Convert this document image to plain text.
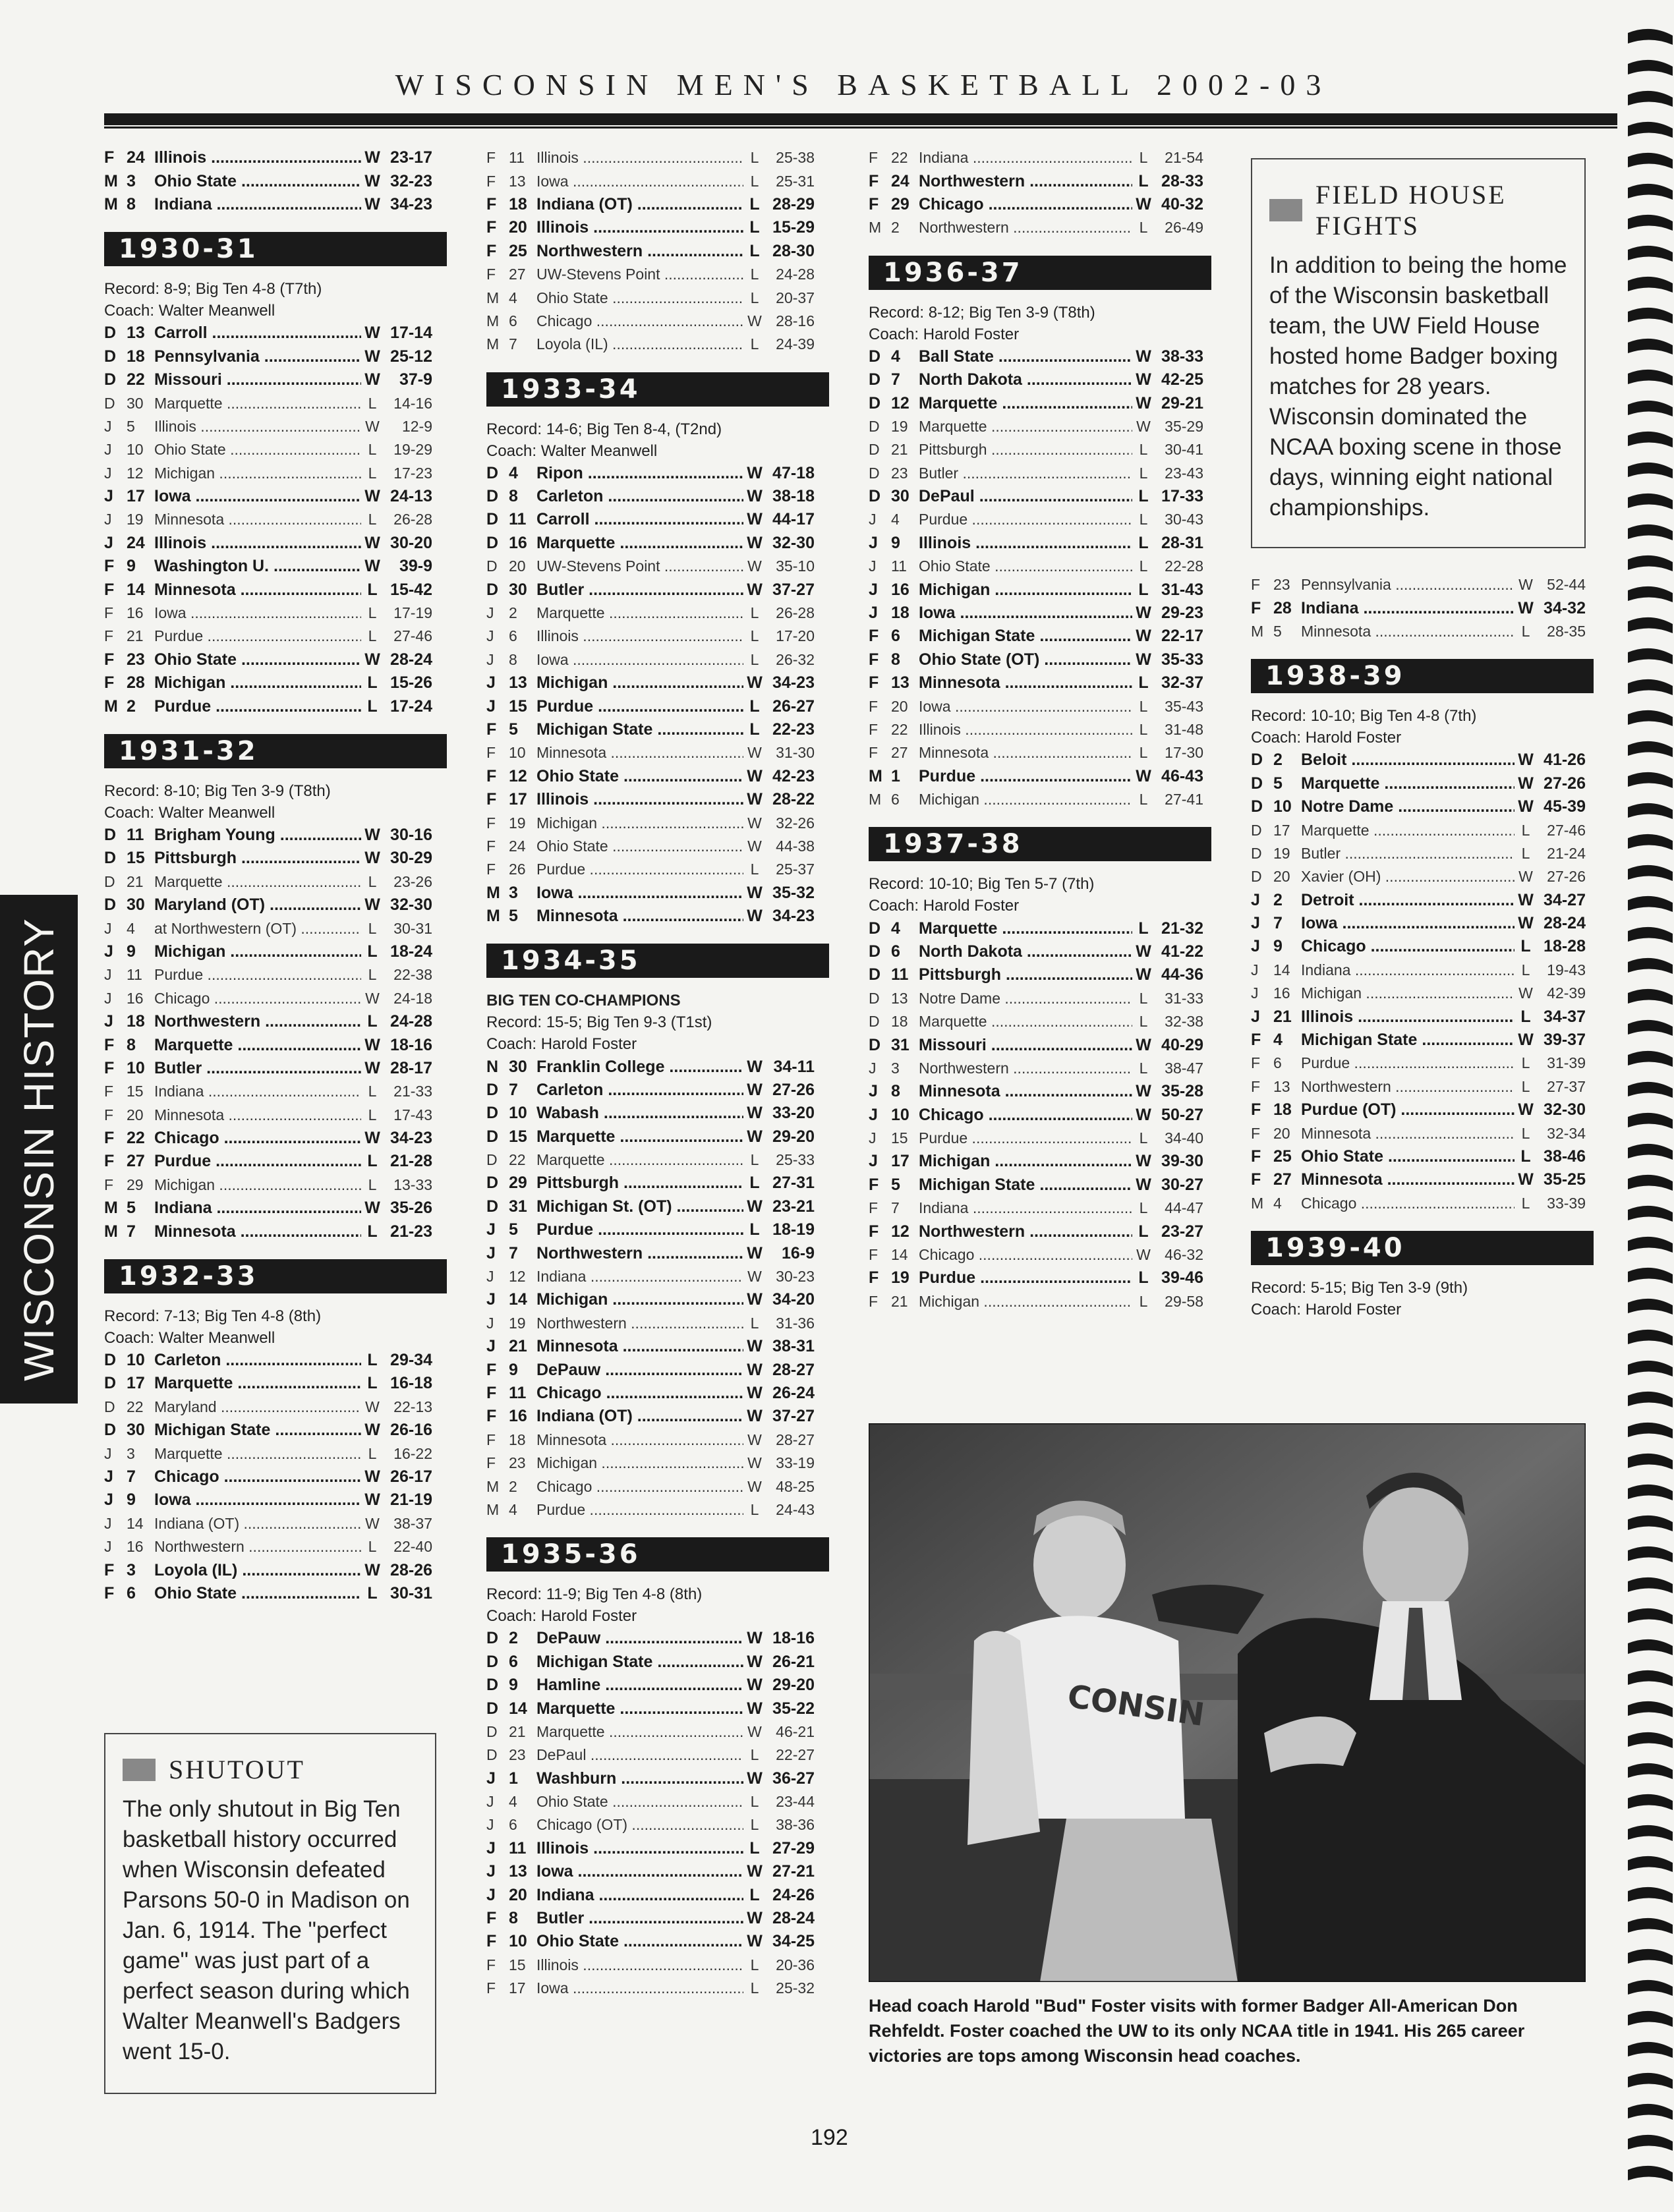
WISCONSIN MEN'S BASKETBALL 2002-03
WISCONSIN HISTORY
F 24 Illinois .....	W 23-17
M 3	Ohio State .....	W 32-23
M 8	Indiana .....	W 34-23
1930-31
Record: 8-9; Big Ten 4-8 (T7th)
Coach: Walter Meanwell
D 13 Carroll .....	W 17-14
D 18 Pennsylvania .....	W 25-12
D 22 Missouri .....	W	37-9
D 30 Marquette .....	L	14-16
J 5	Illinois .....	W	12-9
J 10 Ohio State .....	L	19-29
J 12 Michigan .....	L	17-23
J 17 Iowa .....	W 24-13
J 19 Minnesota .....	L	26-28
J 24 Illinois .....	W 30-20
F 9	Washington U. .....	W	39-9
F 14 Minnesota .....	L 15-42
F 16 Iowa .....	L	17-19
F 21 Purdue .....	L	27-46
F 23 Ohio State .....	W 28-24
F 28 Michigan .....	L 15-26
M 2	Purdue .....	L 17-24
1931-32
Record: 8-10; Big Ten 3-9 (T8th)
Coach: Walter Meanwell
D 11 Brigham Young .....	W 30-16
D 15 Pittsburgh .....	W 30-29
D 21 Marquette .....	L	23-26
D 30 Maryland (OT) .....	W 32-30
J 4	at Northwestern (OT) .....	L	30-31
J 9	Michigan .....	L 18-24
J 11 Purdue .....	L	22-38
J 16 Chicago .....	W 24-18
J 18 Northwestern .....	L 24-28
F 8	Marquette .....	W 18-16
F 10 Butler .....	W 28-17
F 15 Indiana .....	L	21-33
F 20 Minnesota .....	L	17-43
F 22 Chicago .....	W 34-23
F 27 Purdue .....	L 21-28
F 29 Michigan .....	L	13-33
M 5	Indiana .....	W 35-26
M 7	Minnesota .....	L 21-23
1932-33
Record: 7-13; Big Ten 4-8 (8th)
Coach: Walter Meanwell
D 10 Carleton .....	L 29-34
D 17 Marquette .....	L 16-18
D 22 Maryland .....	W 22-13
D 30 Michigan State .....	W 26-16
J 3	Marquette .....	L	16-22
J 7	Chicago .....	W 26-17
J 9	Iowa .....	W 21-19
J 14 Indiana (OT) .....	W 38-37
J 16 Northwestern .....	L	22-40
F 3	Loyola (IL) .....	W 28-26
F 6	Ohio State .....	L 30-31
F 11 Illinois .....	L	25-38
F 13 Iowa .....	L	25-31
F 18 Indiana (OT) .....	L 28-29
F 20 Illinois .....	L 15-29
F 25 Northwestern .....	L 28-30
F 27 UW-Stevens Point .....	L	24-28
M 4	Ohio State .....	L	20-37
M 6	Chicago .....	W 28-16
M 7	Loyola (IL) .....	L	24-39
1933-34
Record: 14-6; Big Ten 8-4, (T2nd)
Coach: Walter Meanwell
D 4	Ripon .....	W 47-18
D 8	Carleton .....	W 38-18
D 11 Carroll .....	W 44-17
D 16 Marquette .....	W 32-30
D 20 UW-Stevens Point .....	W 35-10
D 30 Butler .....	W 37-27
J 2	Marquette .....	L	26-28
J 6	Illinois .....	L	17-20
J 8	Iowa .....	L	26-32
J 13 Michigan .....	W 34-23
J 15 Purdue .....	L 26-27
F 5	Michigan State .....	L 22-23
F 10 Minnesota .....	W 31-30
F 12 Ohio State .....	W 42-23
F 17 Illinois .....	W 28-22
F 19 Michigan .....	W 32-26
F 24 Ohio State .....	W 44-38
F 26 Purdue .....	L	25-37
M 3	Iowa .....	W 35-32
M 5	Minnesota .....	W 34-23
1934-35
BIG TEN CO-CHAMPIONS
Record: 15-5; Big Ten 9-3 (T1st)
Coach: Harold Foster
N 30 Franklin College .....	W 34-11
D 7	Carleton .....	W 27-26
D 10 Wabash .....	W 33-20
D 15 Marquette .....	W 29-20
D 22 Marquette .....	L	25-33
D 29 Pittsburgh .....	L 27-31
D 31 Michigan St. (OT) .....	W 23-21
J 5	Purdue .....	L 18-19
J 7	Northwestern .....	W	16-9
J 12 Indiana .....	W 30-23
J 14 Michigan .....	W 34-20
J 19 Northwestern .....	L	31-36
J 21 Minnesota .....	W 38-31
F 9	DePauw .....	W 28-27
F 11 Chicago .....	W 26-24
F 16 Indiana (OT) .....	W 37-27
F 18 Minnesota .....	W 28-27
F 23 Michigan .....	W 33-19
M 2	Chicago .....	W 48-25
M 4	Purdue .....	L	24-43
1935-36
Record: 11-9; Big Ten 4-8 (8th)
Coach: Harold Foster
D 2	DePauw .....	W 18-16
D 6	Michigan State .....	W 26-21
D 9	Hamline .....	W 29-20
D 14 Marquette .....	W 35-22
D 21 Marquette .....	W 46-21
D 23 DePaul .....	L	22-27
J 1	Washburn .....	W 36-27
J 4	Ohio State .....	L	23-44
J 6	Chicago (OT) .....	L	38-36
J 11 Illinois .....	L 27-29
J 13 Iowa .....	W 27-21
J 20 Indiana .....	L 24-26
F 8	Butler .....	W 28-24
F 10 Ohio State .....	W 34-25
F 15 Illinois .....	L	20-36
F 17 Iowa .....	L	25-32
F 22 Indiana .....	L	21-54
F 24 Northwestern .....	L 28-33
F 29 Chicago .....	W 40-32
M 2	Northwestern .....	L	26-49
1936-37
Record: 8-12; Big Ten 3-9 (T8th)
Coach: Harold Foster
D 4	Ball State .....	W 38-33
D 7	North Dakota .....	W 42-25
D 12 Marquette .....	W 29-21
D 19 Marquette .....	W 35-29
D 21 Pittsburgh .....	L	30-41
D 23 Butler .....	L	23-43
D 30 DePaul .....	L 17-33
J 4	Purdue .....	L	30-43
J 9	Illinois .....	L 28-31
J 11 Ohio State .....	L	22-28
J 16 Michigan .....	L 31-43
J 18 Iowa .....	W 29-23
F 6	Michigan State .....	W 22-17
F 8	Ohio State (OT) .....	W 35-33
F 13 Minnesota .....	L 32-37
F 20 Iowa .....	L	35-43
F 22 Illinois .....	L	31-48
F 27 Minnesota .....	L	17-30
M 1	Purdue .....	W 46-43
M 6	Michigan .....	L	27-41
1937-38
Record: 10-10; Big Ten 5-7 (7th)
Coach: Harold Foster
D 4	Marquette .....	L 21-32
D 6	North Dakota .....	W 41-22
D 11 Pittsburgh .....	W 44-36
D 13 Notre Dame .....	L	31-33
D 18 Marquette .....	L	32-38
D 31 Missouri .....	W 40-29
J 3	Northwestern .....	L	38-47
J 8	Minnesota .....	W 35-28
J 10 Chicago .....	W 50-27
J 15 Purdue .....	L	34-40
J 17 Michigan .....	W 39-30
F 5	Michigan State .....	W 30-27
F 7	Indiana .....	L	44-47
F 12 Northwestern .....	L 23-27
F 14 Chicago .....	W 46-32
F 19 Purdue .....	L 39-46
F 21 Michigan .....	L	29-58
F 23 Pennsylvania .....	W 52-44
F 28 Indiana .....	W 34-32
M 5	Minnesota .....	L	28-35
1938-39
Record: 10-10; Big Ten 4-8 (7th)
Coach: Harold Foster
D 2	Beloit .....	W 41-26
D 5	Marquette .....	W 27-26
D 10 Notre Dame .....	W 45-39
D 17 Marquette .....	L	27-46
D 19 Butler .....	L	21-24
D 20 Xavier (OH) .....	W 27-26
J 2	Detroit .....	W 34-27
J 7	Iowa .....	W 28-24
J 9	Chicago .....	L 18-28
J 14 Indiana .....	L	19-43
J 16 Michigan .....	W 42-39
J 21 Illinois .....	L 34-37
F 4	Michigan State .....	W 39-37
F 6	Purdue .....	L	31-39
F 13 Northwestern .....	L	27-37
F 18 Purdue (OT) .....	W 32-30
F 20 Minnesota .....	L	32-34
F 25 Ohio State .....	L 38-46
F 27 Minnesota .....	W 35-25
M 4	Chicago .....	L	33-39
1939-40
Record: 5-15; Big Ten 3-9 (9th)
Coach: Harold Foster
FIELD HOUSE FIGHTS
In addition to being the home of the Wisconsin basketball team, the UW Field House hosted home Badger boxing matches for 28 years. Wisconsin dominated the NCAA boxing scene in those days, winning eight national championships.
SHUTOUT
The only shutout in Big Ten basketball history occurred when Wisconsin defeated Parsons 50-0 in Madison on Jan. 6, 1914. The "perfect game" was just part of a perfect season during which Walter Meanwell's Badgers went 15-0.
CONSIN
Head coach Harold "Bud" Foster visits with former Badger All-American Don Rehfeldt. Foster coached the UW to its only NCAA title in 1941. His 265 career victories are tops among Wisconsin head coaches.
192
